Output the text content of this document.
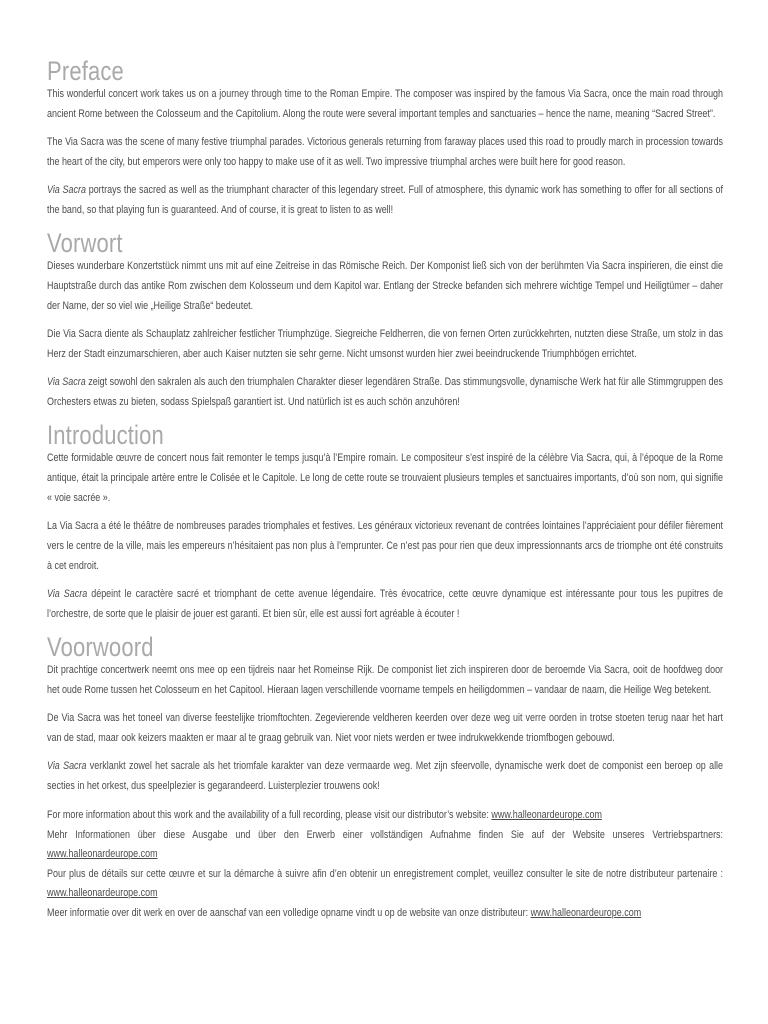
Preface

This wonderful concert work takes us on a journey through time to the Roman Empire. The composer was inspired by the famous Via Sacra, once the main road through ancient Rome between the Colosseum and the Capitolium. Along the route were several important temples and sanctuaries – hence the name, meaning “Sacred Street”.

The Via Sacra was the scene of many festive triumphal parades. Victorious generals returning from faraway places used this road to proudly march in procession towards the heart of the city, but emperors were only too happy to make use of it as well. Two impressive triumphal arches were built here for good reason.

Via Sacra portrays the sacred as well as the triumphant character of this legendary street. Full of atmosphere, this dynamic work has something to offer for all sections of the band, so that playing fun is guaranteed. And of course, it is great to listen to as well!

Vorwort

Dieses wunderbare Konzertstück nimmt uns mit auf eine Zeitreise in das Römische Reich. Der Komponist ließ sich von der berühmten Via Sacra inspirieren, die einst die Hauptstraße durch das antike Rom zwischen dem Kolosseum und dem Kapitol war. Entlang der Strecke befanden sich mehrere wichtige Tempel und Heiligtümer – daher der Name, der so viel wie „Heilige Straße“ bedeutet.

Die Via Sacra diente als Schauplatz zahlreicher festlicher Triumphzüge. Siegreiche Feldherren, die von fernen Orten zurückkehrten, nutzten diese Straße, um stolz in das Herz der Stadt einzumarschieren, aber auch Kaiser nutzten sie sehr gerne. Nicht umsonst wurden hier zwei beeindruckende Triumphbögen errichtet.

Via Sacra zeigt sowohl den sakralen als auch den triumphalen Charakter dieser legendären Straße. Das stimmungsvolle, dynamische Werk hat für alle Stimmgruppen des Orchesters etwas zu bieten, sodass Spielspaß garantiert ist. Und natürlich ist es auch schön anzuhören!

Introduction

Cette formidable œuvre de concert nous fait remonter le temps jusqu’à l’Empire romain. Le compositeur s’est inspiré de la célèbre Via Sacra, qui, à l’époque de la Rome antique, était la principale artère entre le Colisée et le Capitole. Le long de cette route se trouvaient plusieurs temples et sanctuaires importants, d’où son nom, qui signifie « voie sacrée ».

La Via Sacra a été le théâtre de nombreuses parades triomphales et festives. Les généraux victorieux revenant de contrées lointaines l’appréciaient pour défiler fièrement vers le centre de la ville, mais les empereurs n’hésitaient pas non plus à l’emprunter. Ce n’est pas pour rien que deux impressionnants arcs de triomphe ont été construits à cet endroit.

Via Sacra dépeint le caractère sacré et triomphant de cette avenue légendaire. Très évocatrice, cette œuvre dynamique est intéressante pour tous les pupitres de l’orchestre, de sorte que le plaisir de jouer est garanti. Et bien sûr, elle est aussi fort agréable à écouter !

Voorwoord

Dit prachtige concertwerk neemt ons mee op een tijdreis naar het Romeinse Rijk. De componist liet zich inspireren door de beroemde Via Sacra, ooit de hoofdweg door het oude Rome tussen het Colosseum en het Capitool. Hieraan lagen verschillende voorname tempels en heiligdommen – vandaar de naam, die Heilige Weg betekent.

De Via Sacra was het toneel van diverse feestelijke triomftochten. Zegevierende veldheren keerden over deze weg uit verre oorden in trotse stoeten terug naar het hart van de stad, maar ook keizers maakten er maar al te graag gebruik van. Niet voor niets werden er twee indrukwekkende triomfbogen gebouwd.

Via Sacra verklankt zowel het sacrale als het triomfale karakter van deze vermaarde weg. Met zijn sfeervolle, dynamische werk doet de componist een beroep op alle secties in het orkest, dus speelplezier is gegarandeerd. Luisterplezier trouwens ook!

For more information about this work and the availability of a full recording, please visit our distributor’s website: www.halleonardeurope.com

Mehr Informationen über diese Ausgabe und über den Erwerb einer vollständigen Aufnahme finden Sie auf der Website unseres Vertriebspartners: www.halleonardeurope.com

Pour plus de détails sur cette œuvre et sur la démarche à suivre afin d’en obtenir un enregistrement complet, veuillez consulter le site de notre distributeur partenaire : www.halleonardeurope.com

Meer informatie over dit werk en over de aanschaf van een volledige opname vindt u op de website van onze distributeur: www.halleonardeurope.com
